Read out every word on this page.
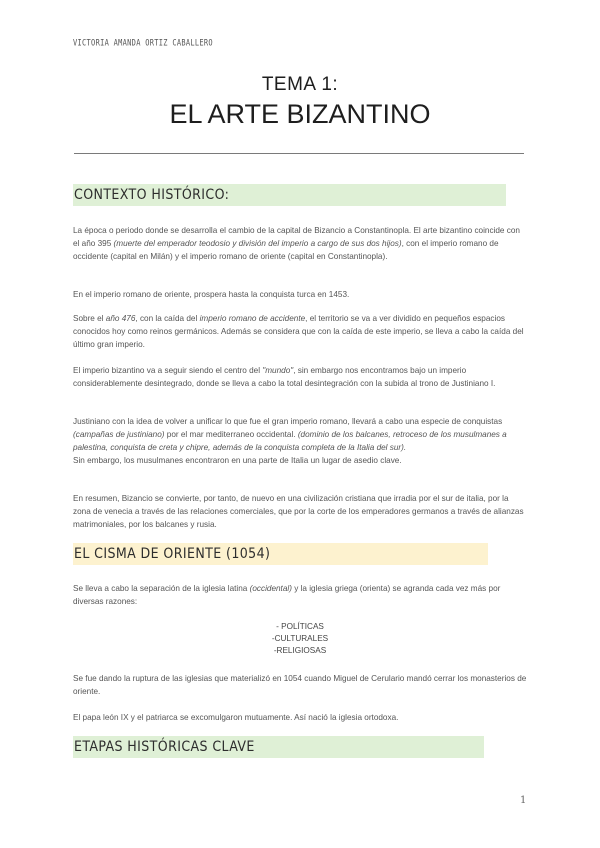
VICTORIA AMANDA ORTIZ CABALLERO
TEMA 1:
EL ARTE BIZANTINO
CONTEXTO HISTÓRICO:

La época o periodo donde se desarrolla el cambio de la capital de Bizancio a Constantinopla. El arte bizantino coincide con el año 395 (muerte del emperador teodosio y división del imperio a cargo de sus dos hijos), con el imperio romano de occidente (capital en Milán) y el imperio romano de oriente (capital en Constantinopla).

En el imperio romano de oriente, prospera hasta la conquista turca en 1453.

Sobre el año 476, con la caída del imperio romano de accidente, el territorio se va a ver dividido en pequeños espacios conocidos hoy como reinos germánicos. Además se considera que con la caída de este imperio, se lleva a cabo la caída del último gran imperio.

El imperio bizantino va a seguir siendo el centro del "mundo", sin embargo nos encontramos bajo un imperio considerablemente desintegrado, donde se lleva a cabo la total desintegración con la subida al trono de Justiniano I.

Justiniano con la idea de volver a unificar lo que fue el gran imperio romano, llevará a cabo una especie de conquistas (campañas de justiniano) por el mar mediterraneo occidental. (dominio de los balcanes, retroceso de los musulmanes a palestina, conquista de creta y chipre, además de la conquista completa de la Italia del sur).

Sin embargo, los musulmanes encontraron en una parte de Italia un lugar de asedio clave.

En resumen, Bizancio se convierte, por tanto, de nuevo en una civilización cristiana que irradia por el sur de italia, por la zona de venecia a través de las relaciones comerciales, que por la corte de los emperadores germanos a través de alianzas matrimoniales, por los balcanes y rusia.

EL CISMA DE ORIENTE (1054)

Se lleva a cabo la separación de la iglesia latina (occidental) y la iglesia griega (orienta) se agranda cada vez más por diversas razones:

- POLÍTICAS
-CULTURALES
-RELIGIOSAS

Se fue dando la ruptura de las iglesias que materializó en 1054 cuando Miguel de Cerulario mandó cerrar los monasterios de oriente.

El papa león IX y el patriarca se excomulgaron mutuamente. Así nació la iglesia ortodoxa.

ETAPAS HISTÓRICAS CLAVE
1
